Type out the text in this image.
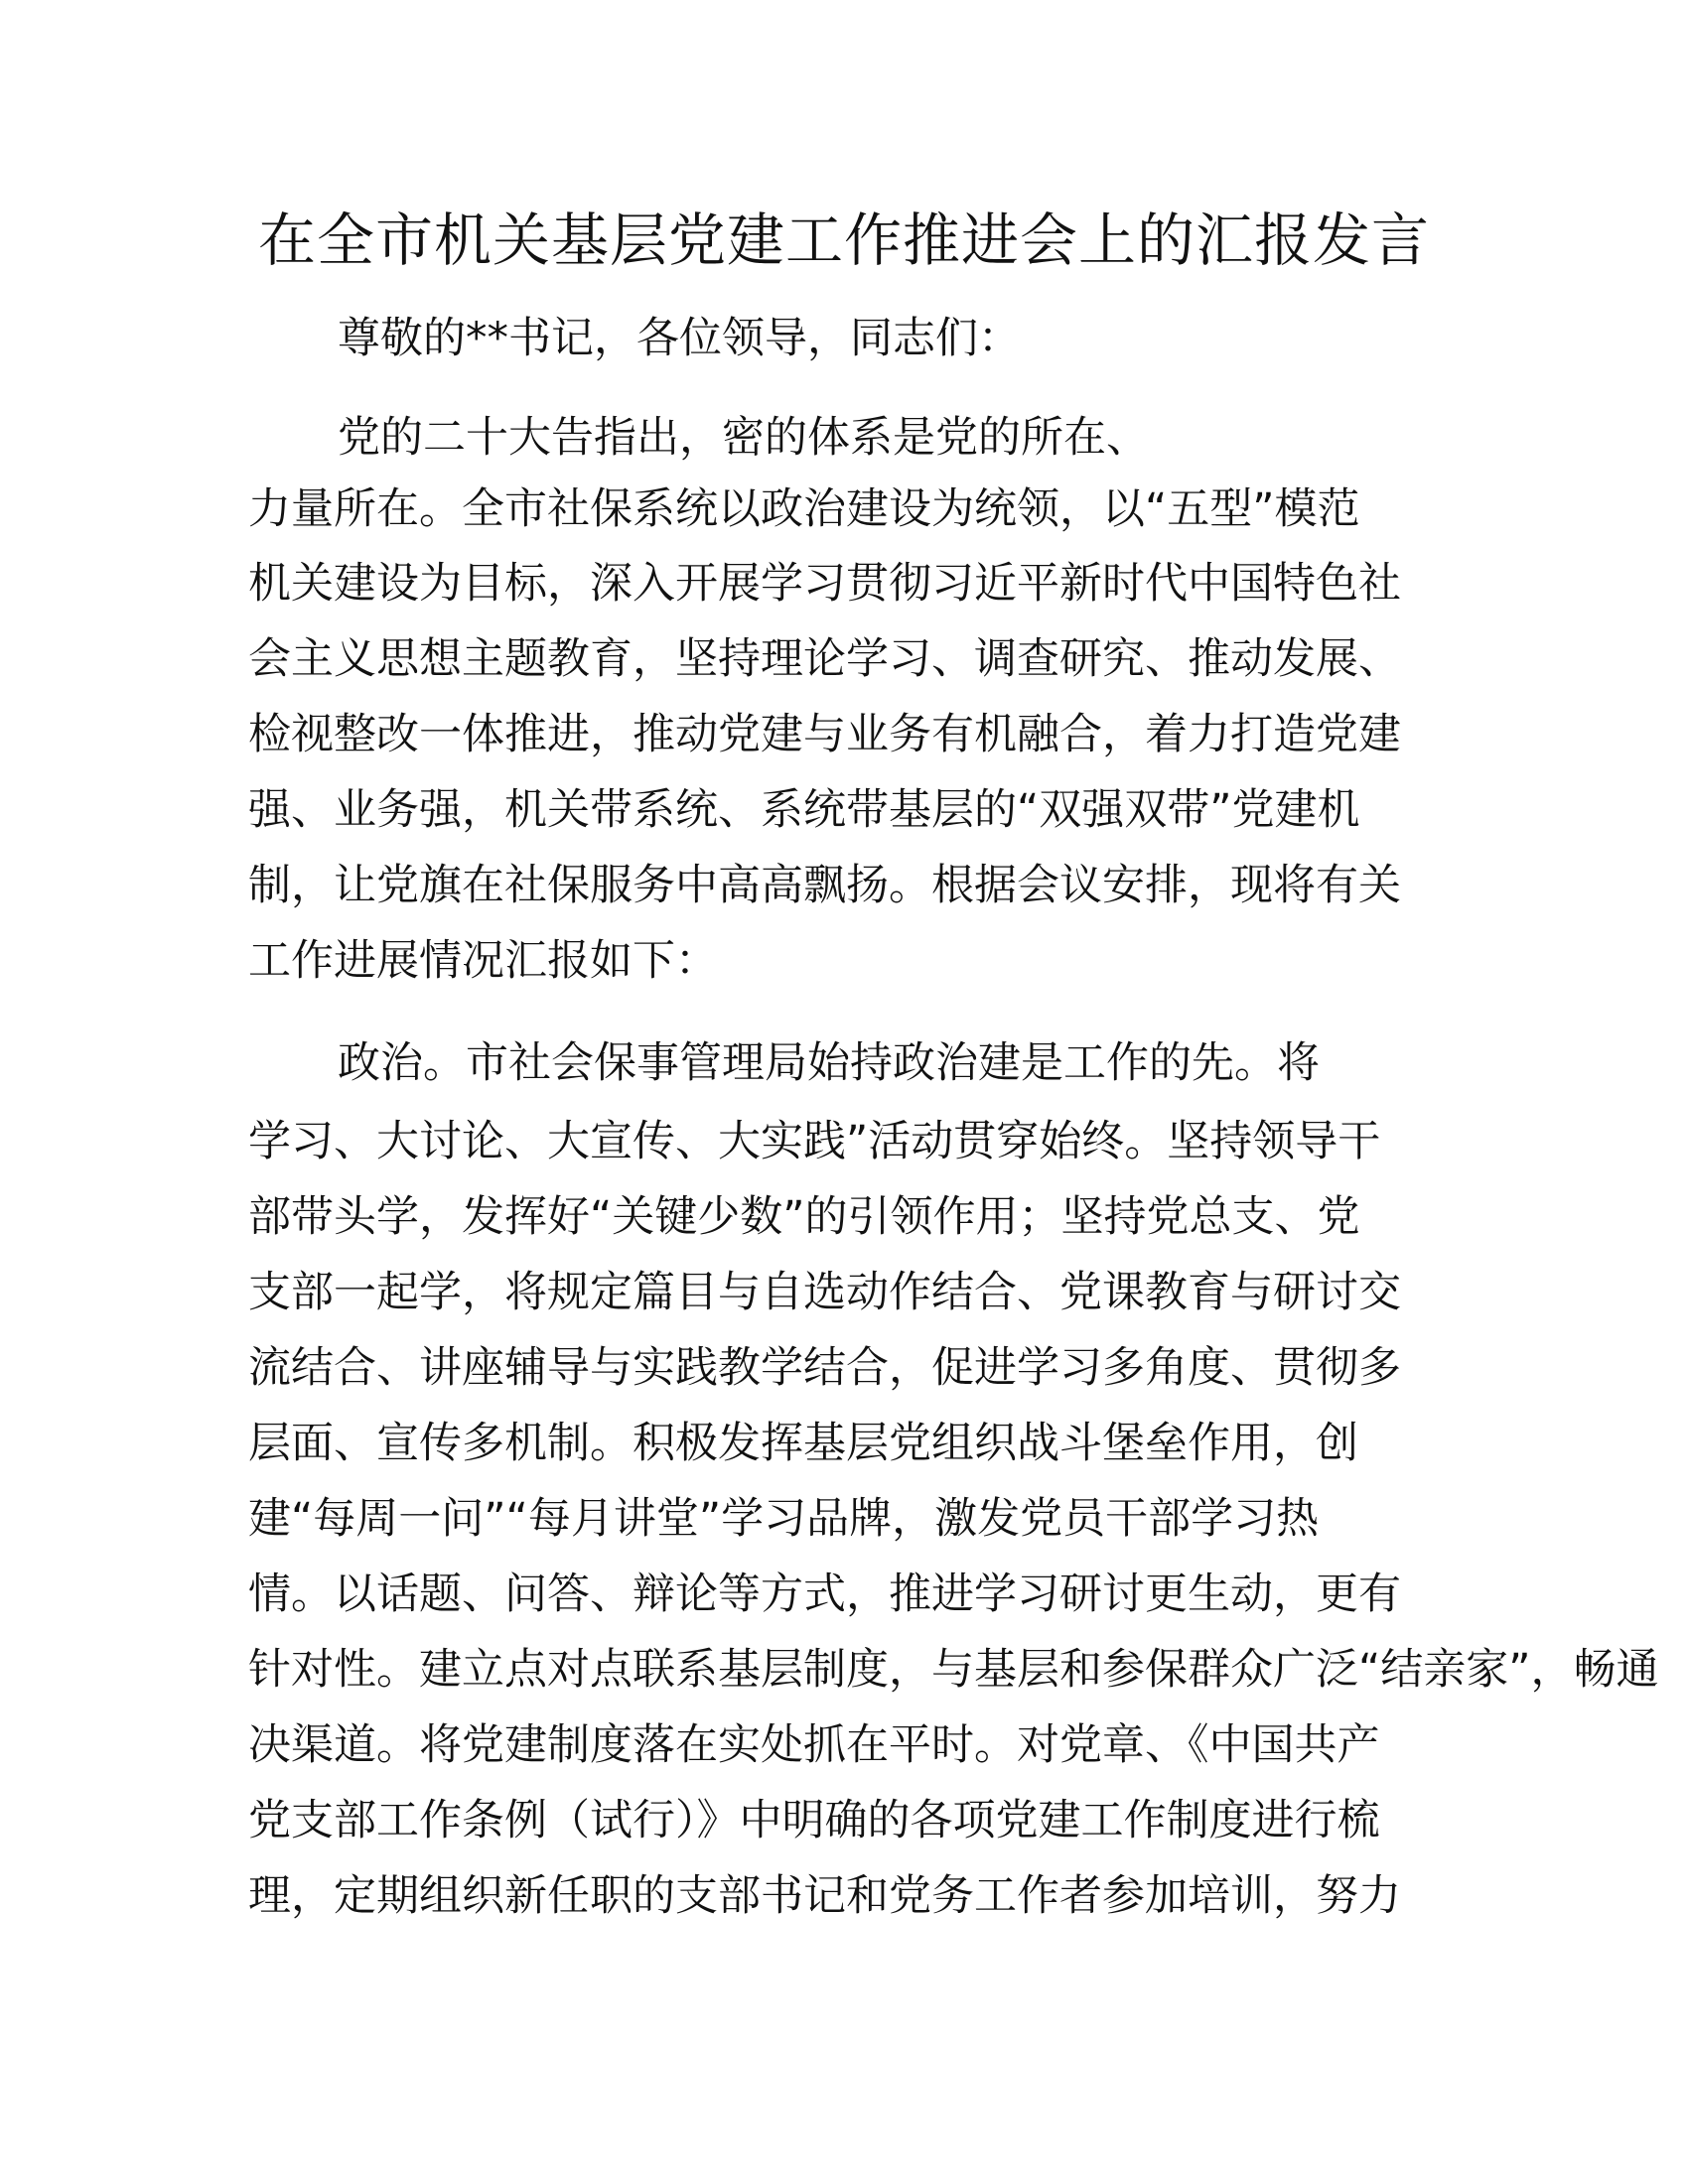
在全市机关基层党建工作推进会上的汇报发言
尊敬的**书记，各位领导，同志们：
党的二十大告指出，密的体系是党的所在、
力量所在。全市社保系统以政治建设为统领，以“五型”模范
机关建设为目标，深入开展学习贯彻习近平新时代中国特色社
会主义思想主题教育，坚持理论学习、调查研究、推动发展、
检视整改一体推进，推动党建与业务有机融合，着力打造党建
强、业务强，机关带系统、系统带基层的“双强双带”党建机
制，让党旗在社保服务中高高飘扬。根据会议安排，现将有关
工作进展情况汇报如下：
政治。市社会保事管理局始持政治建是工作的先。将
学习、大讨论、大宣传、大实践”活动贯穿始终。坚持领导干
部带头学，发挥好“关键少数”的引领作用；坚持党总支、党
支部一起学，将规定篇目与自选动作结合、党课教育与研讨交
流结合、讲座辅导与实践教学结合，促进学习多角度、贯彻多
层面、宣传多机制。积极发挥基层党组织战斗堡垒作用，创
建“每周一问”“每月讲堂”学习品牌，激发党员干部学习热
情。以话题、问答、辩论等方式，推进学习研讨更生动，更有
针对性。建立点对点联系基层制度，与基层和参保群众广泛“结亲家”，畅通
决渠道。将党建制度落在实处抓在平时。对党章、《中国共产
党支部工作条例（试行）》中明确的各项党建工作制度进行梳
理，定期组织新任职的支部书记和党务工作者参加培训，努力
